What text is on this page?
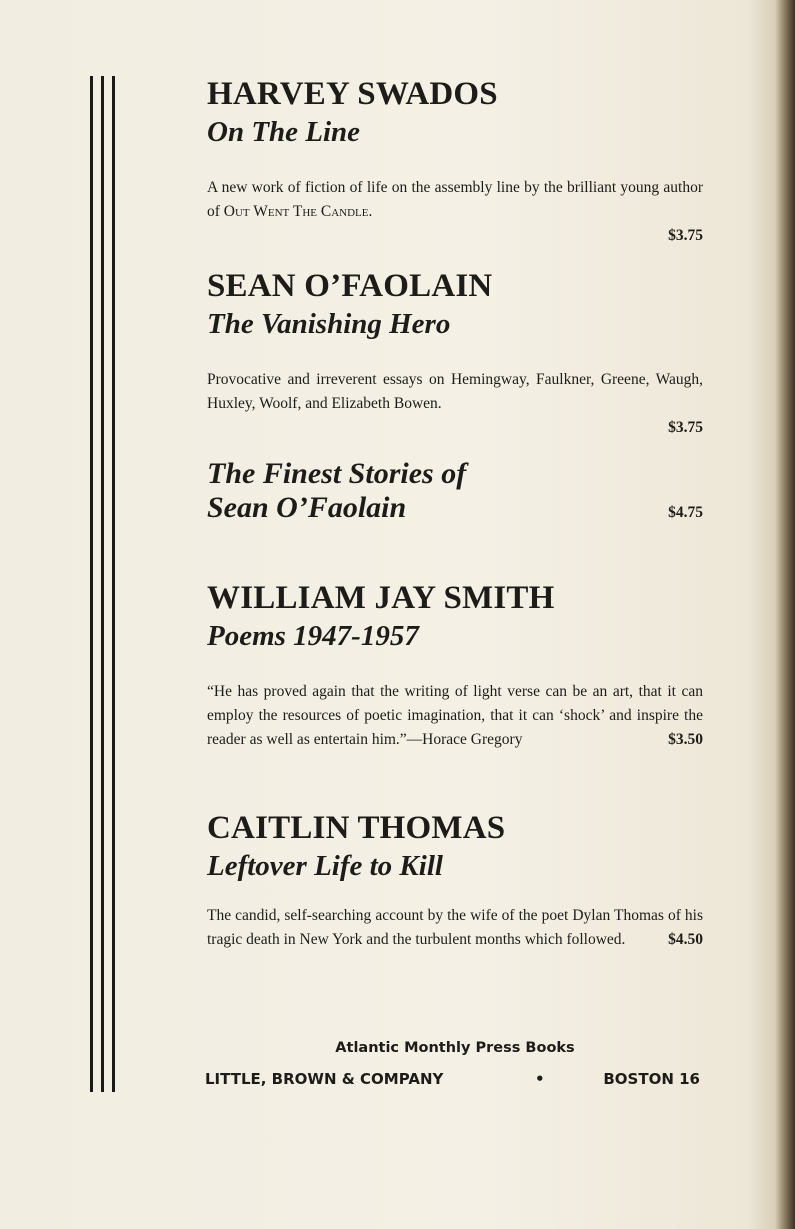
HARVEY SWADOS
On The Line

A new work of fiction of life on the assembly line by the brilliant young author of Out Went The Candle.

$3.75
SEAN O’FAOLAIN
The Vanishing Hero

Provocative and irreverent essays on Hemingway, Faulkner, Greene, Waugh, Huxley, Woolf, and Elizabeth Bowen.

$3.75
The Finest Stories of
Sean O’Faolain	$4.75
WILLIAM JAY SMITH
Poems 1947-1957

“He has proved again that the writing of light verse can be an art, that it can employ the resources of poetic imagination, that it can ‘shock’ and inspire the reader as well as entertain him.”—Horace Gregory	$3.50

CAITLIN THOMAS
Leftover Life to Kill

The candid, self-searching account by the wife of the poet Dylan Thomas of his tragic death in New York and the turbulent months which followed.	$4.50

Atlantic Monthly Press Books
LITTLE, BROWN & COMPANY	•	BOSTON 16
